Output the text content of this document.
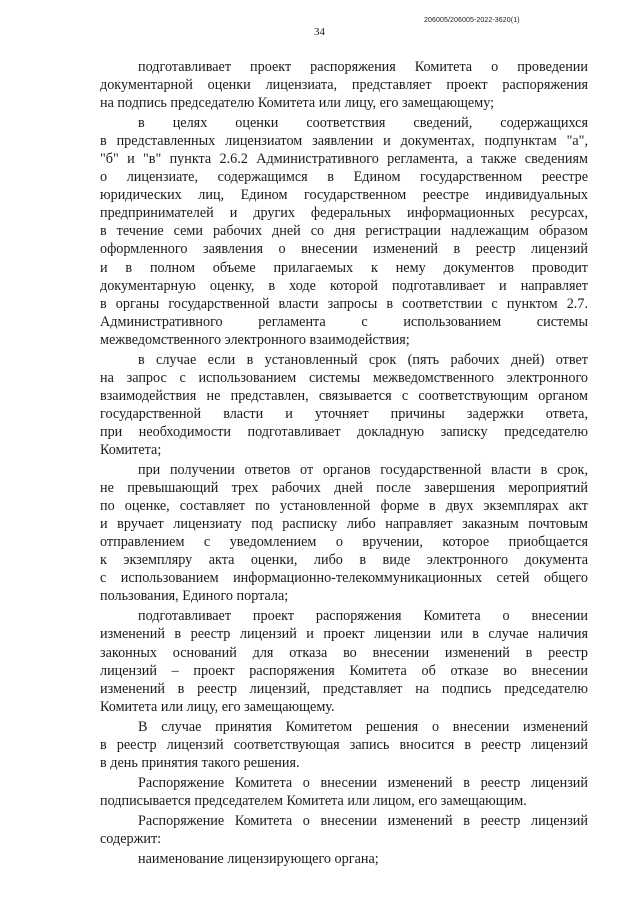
34
206005/206005-2022-3620(1)
подготавливает проект распоряжения Комитета о проведении
документарной оценки лицензиата, представляет проект распоряжения
на подпись председателю Комитета или лицу, его замещающему;
в целях оценки соответствия сведений, содержащихся
в представленных лицензиатом заявлении и документах, подпунктам "а",
"б" и "в" пункта 2.6.2 Административного регламента, а также сведениям
о лицензиате, содержащимся в Едином государственном реестре
юридических лиц, Едином государственном реестре индивидуальных
предпринимателей и других федеральных информационных ресурсах,
в течение семи рабочих дней со дня регистрации надлежащим образом
оформленного заявления о внесении изменений в реестр лицензий
и в полном объеме прилагаемых к нему документов проводит
документарную оценку, в ходе которой подготавливает и направляет
в органы государственной власти запросы в соответствии с пунктом 2.7.
Административного регламента с использованием системы
межведомственного электронного взаимодействия;
в случае если в установленный срок (пять рабочих дней) ответ
на запрос с использованием системы межведомственного электронного
взаимодействия не представлен, связывается с соответствующим органом
государственной власти и уточняет причины задержки ответа,
при необходимости подготавливает докладную записку председателю
Комитета;
при получении ответов от органов государственной власти в срок,
не превышающий трех рабочих дней после завершения мероприятий
по оценке, составляет по установленной форме в двух экземплярах акт
и вручает лицензиату под расписку либо направляет заказным почтовым
отправлением с уведомлением о вручении, которое приобщается
к экземпляру акта оценки, либо в виде электронного документа
с использованием информационно-телекоммуникационных сетей общего
пользования, Единого портала;
подготавливает проект распоряжения Комитета о внесении
изменений в реестр лицензий и проект лицензии или в случае наличия
законных оснований для отказа во внесении изменений в реестр
лицензий – проект распоряжения Комитета об отказе во внесении
изменений в реестр лицензий, представляет на подпись председателю
Комитета или лицу, его замещающему.
В случае принятия Комитетом решения о внесении изменений
в реестр лицензий соответствующая запись вносится в реестр лицензий
в день принятия такого решения.
Распоряжение Комитета о внесении изменений в реестр лицензий
подписывается председателем Комитета или лицом, его замещающим.
Распоряжение Комитета о внесении изменений в реестр лицензий
содержит:
наименование лицензирующего органа;
